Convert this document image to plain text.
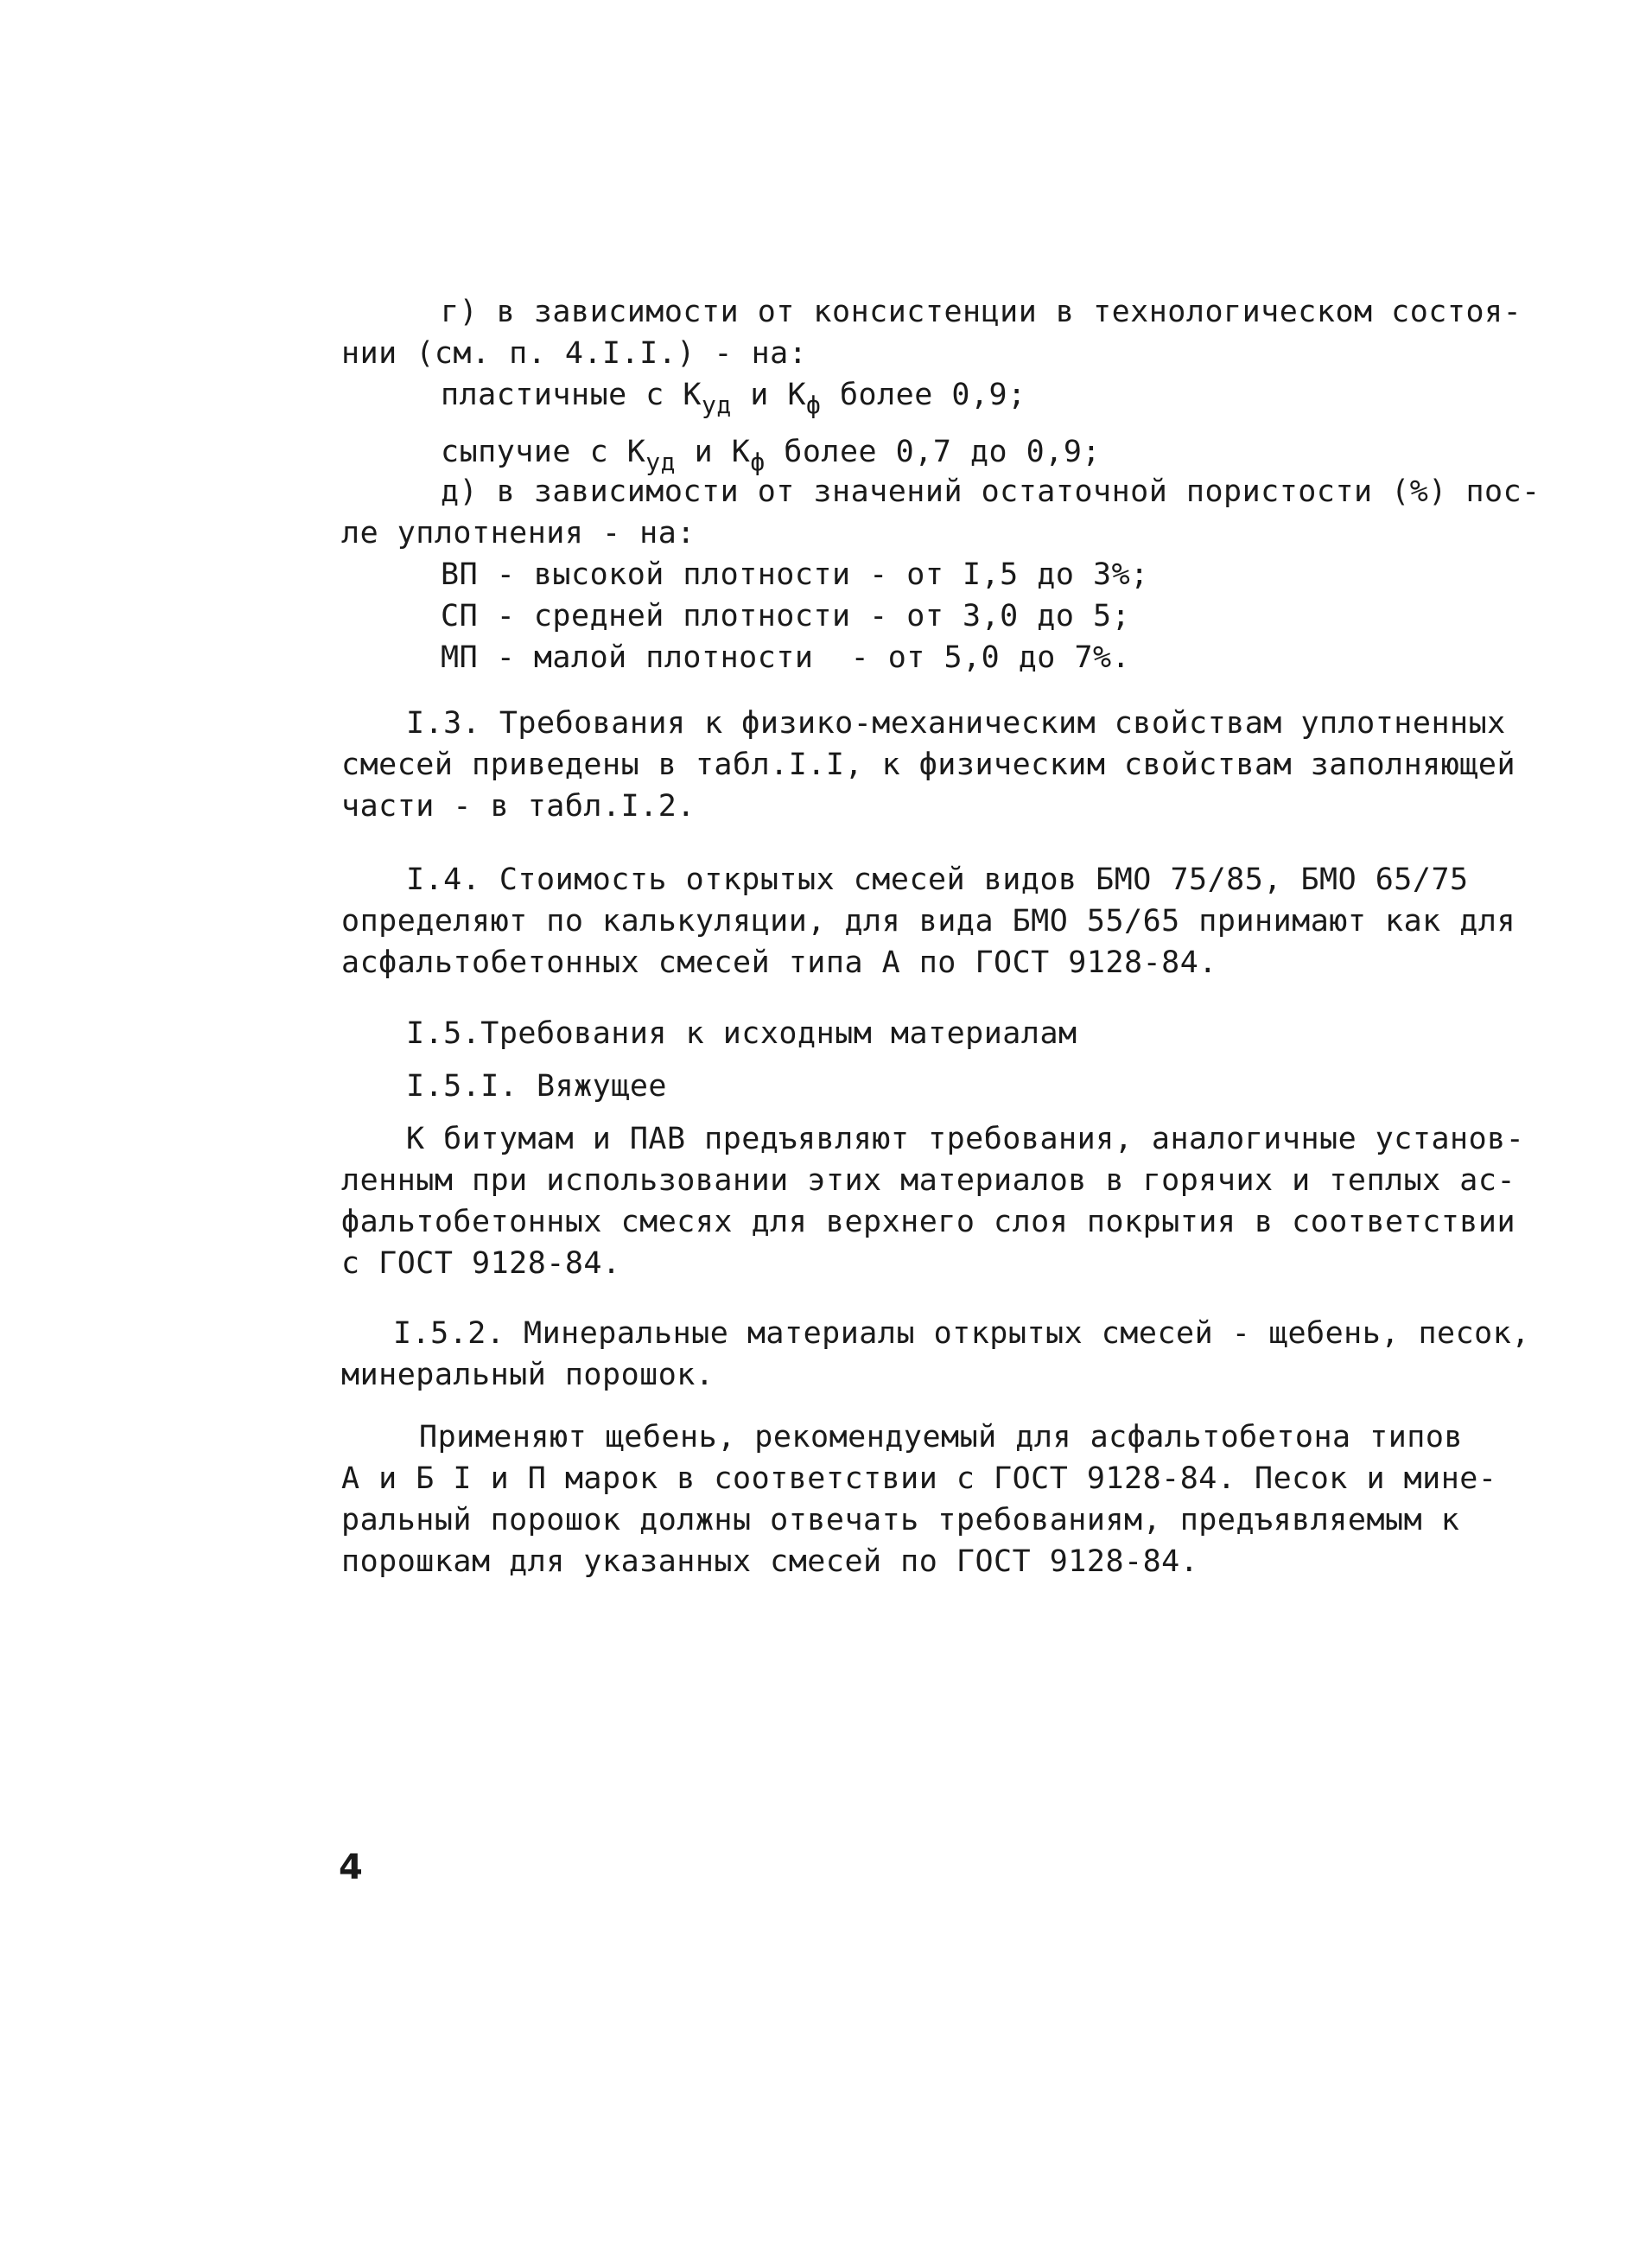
г) в зависимости от консистенции в технологическом состоя-
нии (см. п. 4.I.I.) - на:
пластичные с $К_{уд}$ и $К_ф$ более 0,9;
сыпучие с $К_{уд}$ и $К_ф$ более 0,7 до 0,9;
д) в зависимости от значений остаточной пористости (%) пос-
ле уплотнения - на:
ВП - высокой плотности - от I,5 до 3%;
СП - средней плотности - от 3,0 до 5;
МП - малой плотности  - от 5,0 до 7%.
I.3. Требования к физико-механическим свойствам уплотненных
смесей приведены в табл.I.I, к физическим свойствам заполняющей
части - в табл.I.2.
I.4. Стоимость открытых смесей видов БМО 75/85, БМО 65/75
определяют по калькуляции, для вида БМО 55/65 принимают как для
асфальтобетонных смесей типа А по ГОСТ 9128-84.
I.5.Требования к исходным материалам
I.5.I. Вяжущее
К битумам и ПАВ предъявляют требования, аналогичные установ-
ленным при использовании этих материалов в горячих и теплых ас-
фальтобетонных смесях для верхнего слоя покрытия в соответствии
с ГОСТ 9128-84.
I.5.2. Минеральные материалы открытых смесей - щебень, песок,
минеральный порошок.
Применяют щебень, рекомендуемый для асфальтобетона типов
А и Б I и П марок в соответствии с ГОСТ 9128-84. Песок и мине-
ральный порошок должны отвечать требованиям, предъявляемым к
порошкам для указанных смесей по ГОСТ 9128-84.
4
